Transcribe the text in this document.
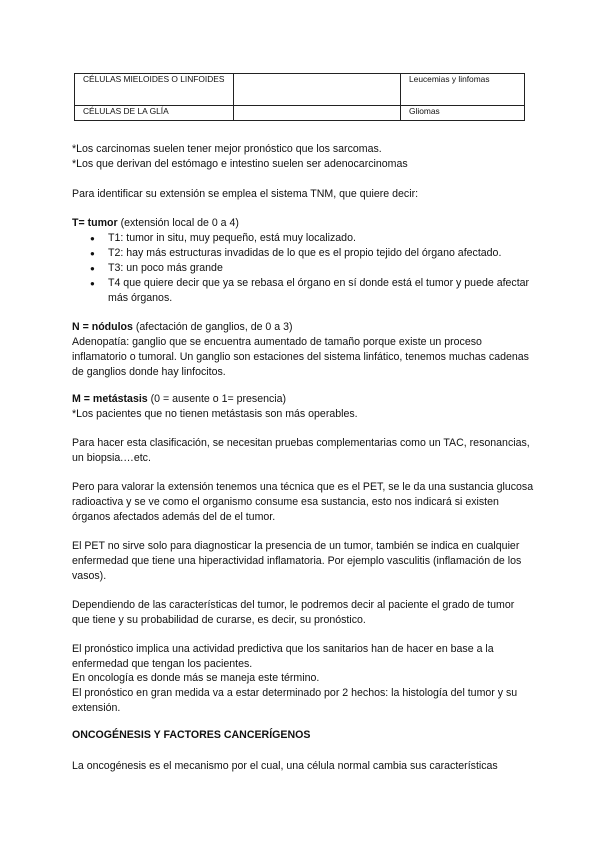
CÉLULAS MIELOIDES O LINFOIDES		Leucemias y linfomas
CÉLULAS DE LA GLÍA		Gliomas

*Los carcinomas suelen tener mejor pronóstico que los sarcomas.

*Los que derivan del estómago e intestino suelen ser adenocarcinomas

Para identificar su extensión se emplea el sistema TNM, que quiere decir:

T= tumor (extensión local de 0 a 4)

● T1: tumor in situ, muy pequeño, está muy localizado.
● T2: hay más estructuras invadidas de lo que es el propio tejido del órgano afectado.
● T3: un poco más grande
● T4 que quiere decir que ya se rebasa el órgano en sí donde está el tumor y puede afectar más órganos.

N = nódulos (afectación de ganglios, de 0 a 3)

Adenopatía: ganglio que se encuentra aumentado de tamaño porque existe un proceso inflamatorio o tumoral. Un ganglio son estaciones del sistema linfático, tenemos muchas cadenas de ganglios donde hay linfocitos.

M = metástasis (0 = ausente o 1= presencia)

*Los pacientes que no tienen metástasis son más operables.

Para hacer esta clasificación, se necesitan pruebas complementarias como un TAC, resonancias, un biopsia.…etc.

Pero para valorar la extensión tenemos una técnica que es el PET, se le da una sustancia glucosa radioactiva y se ve como el organismo consume esa sustancia, esto nos indicará si existen órganos afectados además del de el tumor.

El PET no sirve solo para diagnosticar la presencia de un tumor, también se indica en cualquier enfermedad que tiene una hiperactividad inflamatoria. Por ejemplo vasculitis (inflamación de los vasos).

Dependiendo de las características del tumor, le podremos decir al paciente el grado de tumor que tiene y su probabilidad de curarse, es decir, su pronóstico.

El pronóstico implica una actividad predictiva que los sanitarios han de hacer en base a la enfermedad que tengan los pacientes.

En oncología es donde más se maneja este término.

El pronóstico en gran medida va a estar determinado por 2 hechos: la histología del tumor y su extensión.

ONCOGÉNESIS Y FACTORES CANCERÍGENOS

La oncogénesis es el mecanismo por el cual, una célula normal cambia sus características
